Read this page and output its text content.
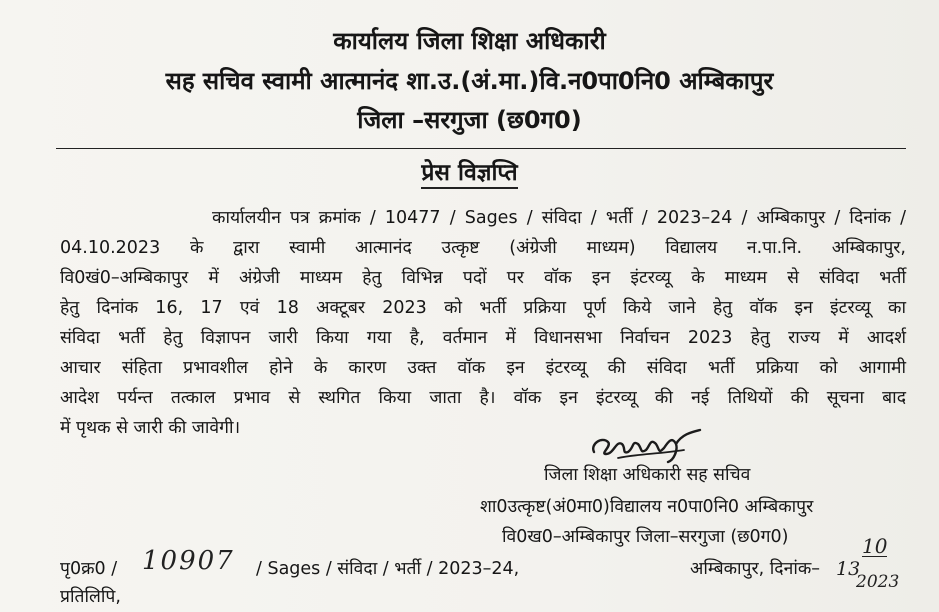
कार्यालय जिला शिक्षा अधिकारी
सह सचिव स्वामी आत्मानंद शा.उ.(अं.मा.)वि.न0पा0नि0 अम्बिकापुर
जिला –सरगुजा (छ0ग0)
प्रेस विज्ञप्ति
कार्यालयीन पत्र क्रमांक / 10477 / Sages / संविदा / भर्ती / 2023–24 / अम्बिकापुर / दिनांक /
04.10.2023 के द्वारा स्वामी आत्मानंद उत्कृष्ट (अंग्रेजी माध्यम) विद्यालय न.पा.नि. अम्बिकापुर,
वि0खं0–अम्बिकापुर में अंग्रेजी माध्यम हेतु विभिन्न पदों पर वॉक इन इंटरव्यू के माध्यम से संविदा भर्ती
हेतु दिनांक 16, 17 एवं 18 अक्टूबर 2023 को भर्ती प्रक्रिया पूर्ण किये जाने हेतु वॉक इन इंटरव्यू का
संविदा भर्ती हेतु विज्ञापन जारी किया गया है, वर्तमान में विधानसभा निर्वाचन 2023 हेतु राज्य में आदर्श
आचार संहिता प्रभावशील होने के कारण उक्त वॉक इन इंटरव्यू की संविदा भर्ती प्रक्रिया को आगामी
आदेश पर्यन्त तत्काल प्रभाव से स्थगित किया जाता है। वॉक इन इंटरव्यू की नई तिथियों की सूचना बाद
में पृथक से जारी की जावेगी।
जिला शिक्षा अधिकारी सह सचिव
शा0उत्कृष्ट(अं0मा0)विद्यालय न0पा0नि0 अम्बिकापुर
वि0ख0–अम्बिकापुर जिला–सरगुजा (छ0ग0)
पृ0क्र0 / 10907 / Sages / संविदा / भर्ती / 2023–24,	अम्बिकापुर, दिनांक– 13
10
2023
प्रतिलिपि,
